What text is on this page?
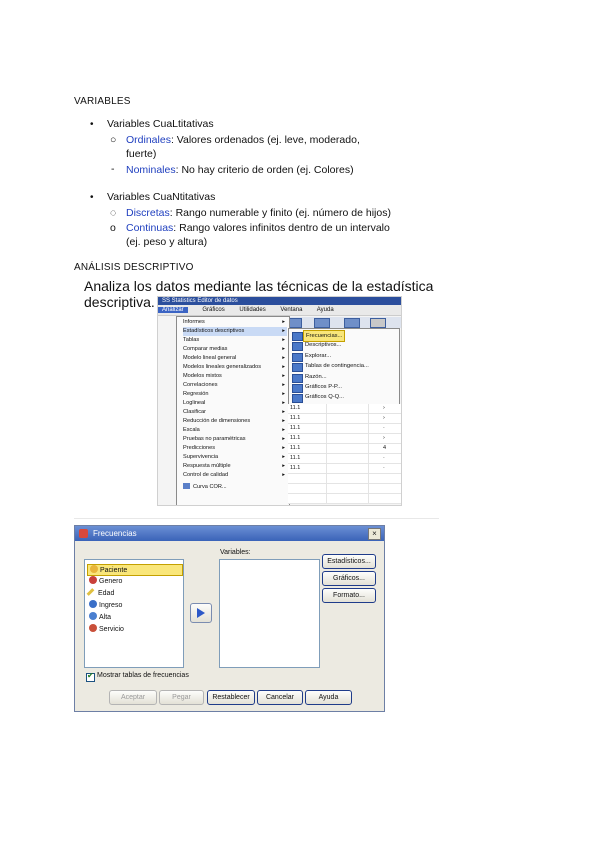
VARIABLES
• Variables CuaLtitativas
○ Ordinales: Valores ordenados (ej. leve, moderado,
fuerte)
- Nominales: No hay criterio de orden (ej. Colores)
• Variables CuaNtitativas
◌ Discretas: Rango numerable y finito (ej. número de hijos)
o Continuas: Rango valores infinitos dentro de un intervalo
(ej. peso y altura)
ANÁLISIS DESCRIPTIVO
Analiza los datos mediante las técnicas de la estadística
descriptiva.	SS Statistics Editor de datos
Analizar	Gráficos Utilidades Ventana Ayuda
Informes	▸
Estadísticos descriptivos	▸
Tablas	▸
Comparar medias	▸
Modelo lineal general	▸
Modelos lineales generalizados	▸
Modelos mixtos	▸
Correlaciones	▸
Regresión	▸
Loglineal	▸
Clasificar	▸
Reducción de dimensiones	▸
Escala	▸
Pruebas no paramétricas	▸
Predicciones	▸
Supervivencia	▸
Respuesta múltiple	▸
Control de calidad	▸
Curva COR...
Frecuencias...
Descriptivos...
Explorar...
Tablas de contingencia...
Razón...
Gráficos P-P...
Gráficos Q-Q...
11.1	›
11.1	›
11.1	·
11.1	›
11.1	4
11.1	·
11.1	·
Frecuencias	×
Paciente
Genero
Edad
Ingreso
Alta
Servicio
Variables:
Estadísticos...
Gráficos...
Formato...
✔ Mostrar tablas de frecuencias
Aceptar	Pegar	Restablecer	Cancelar	Ayuda
